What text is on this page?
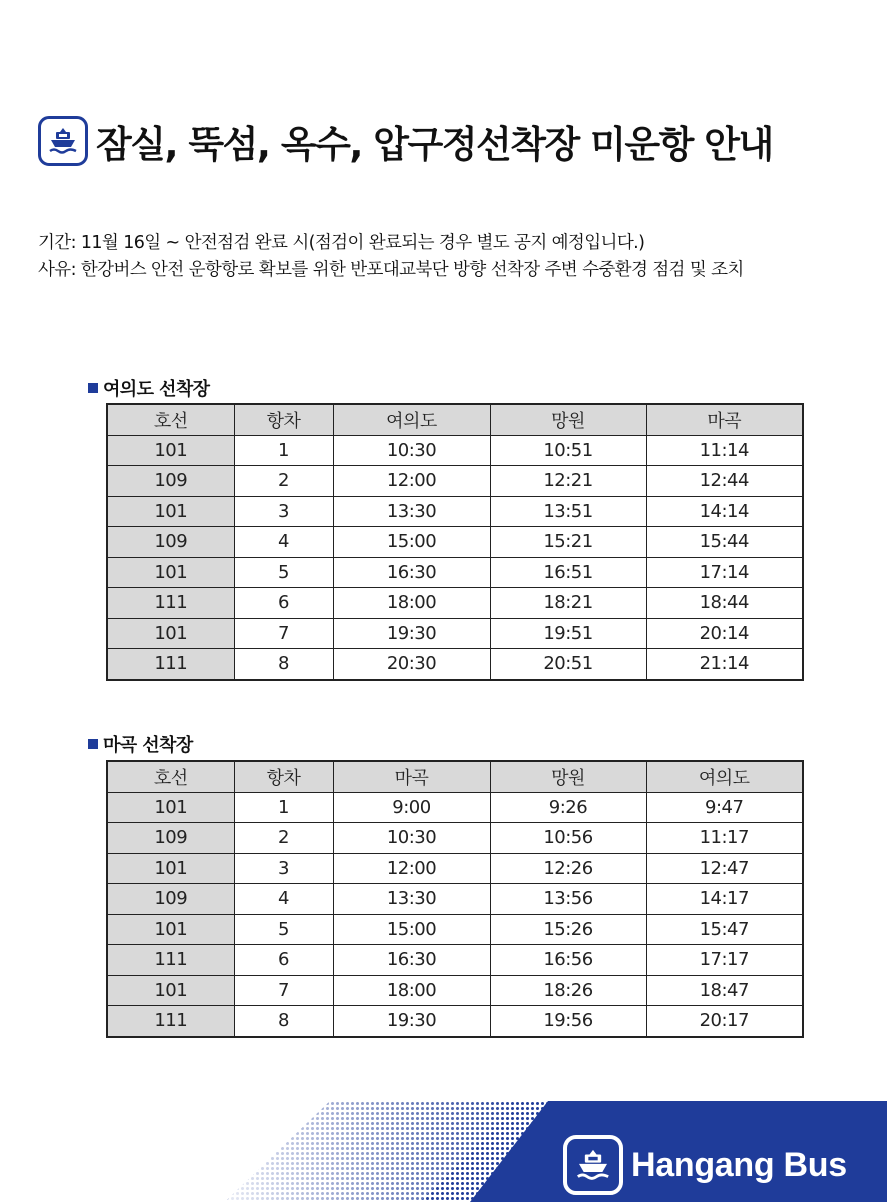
잠실, 뚝섬, 옥수, 압구정선착장 미운항 안내
기간: 11월 16일 ~ 안전점검 완료 시(점검이 완료되는 경우 별도 공지 예정입니다.)
사유: 한강버스 안전 운항항로 확보를 위한 반포대교북단 방향 선착장 주변 수중환경 점검 및 조치
여의도 선착장
호선	항차	여의도	망원	마곡
101	1	10:30	10:51	11:14
109	2	12:00	12:21	12:44
101	3	13:30	13:51	14:14
109	4	15:00	15:21	15:44
101	5	16:30	16:51	17:14
111	6	18:00	18:21	18:44
101	7	19:30	19:51	20:14
111	8	20:30	20:51	21:14
마곡 선착장
호선	항차	마곡	망원	여의도
101	1	9:00	9:26	9:47
109	2	10:30	10:56	11:17
101	3	12:00	12:26	12:47
109	4	13:30	13:56	14:17
101	5	15:00	15:26	15:47
111	6	16:30	16:56	17:17
101	7	18:00	18:26	18:47
111	8	19:30	19:56	20:17
Hangang Bus
